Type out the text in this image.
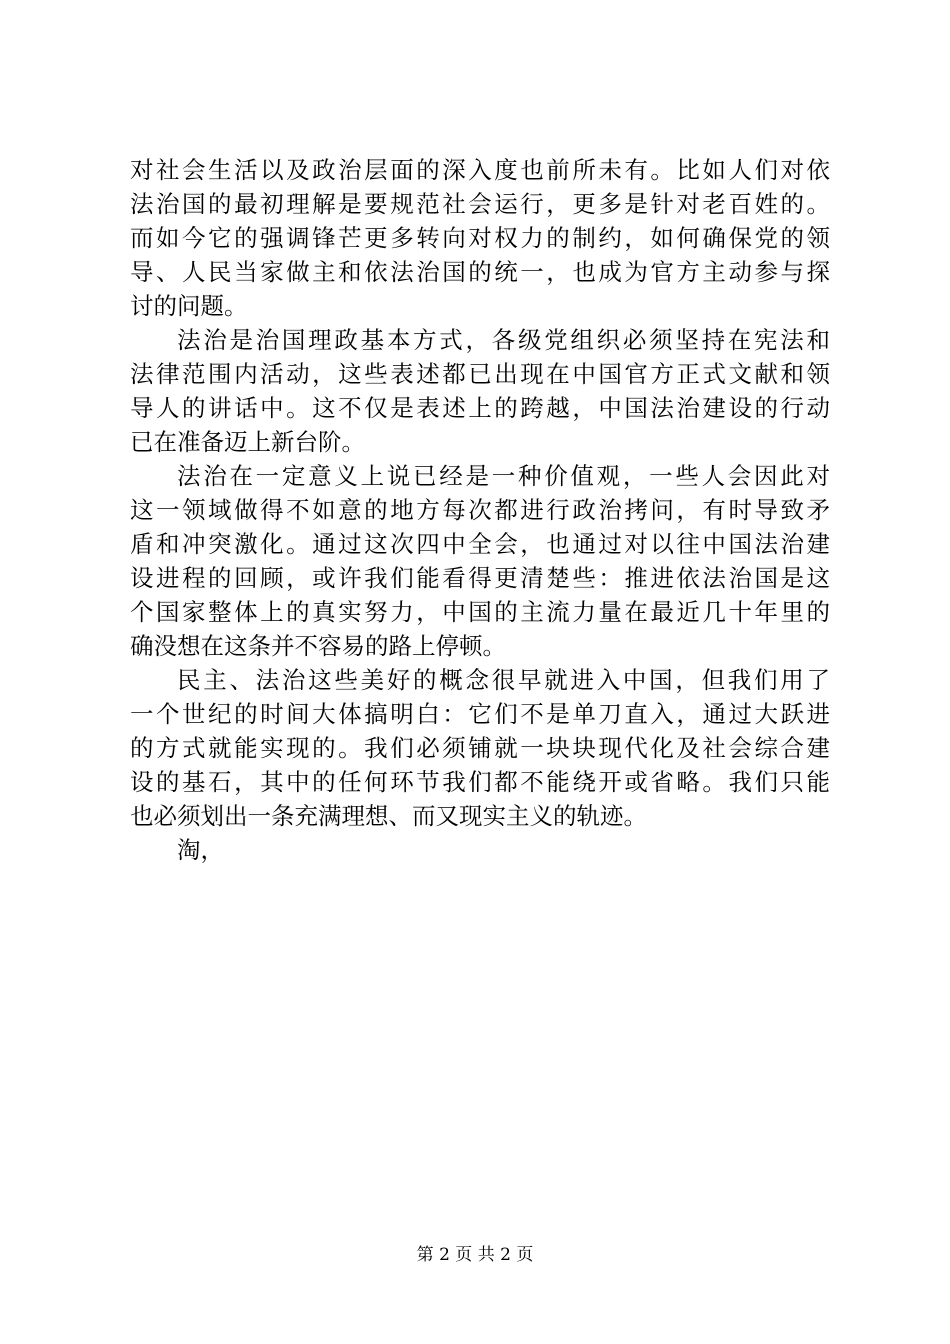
对社会生活以及政治层面的深入度也前所未有。比如人们对依
法治国的最初理解是要规范社会运行，更多是针对老百姓的。
而如今它的强调锋芒更多转向对权力的制约，如何确保党的领
导、人民当家做主和依法治国的统一，也成为官方主动参与探
讨的问题。
法治是治国理政基本方式，各级党组织必须坚持在宪法和
法律范围内活动，这些表述都已出现在中国官方正式文献和领
导人的讲话中。这不仅是表述上的跨越，中国法治建设的行动
已在准备迈上新台阶。
法治在一定意义上说已经是一种价值观，一些人会因此对
这一领域做得不如意的地方每次都进行政治拷问，有时导致矛
盾和冲突激化。通过这次四中全会，也通过对以往中国法治建
设进程的回顾，或许我们能看得更清楚些：推进依法治国是这
个国家整体上的真实努力，中国的主流力量在最近几十年里的
确没想在这条并不容易的路上停顿。
民主、法治这些美好的概念很早就进入中国，但我们用了
一个世纪的时间大体搞明白：它们不是单刀直入，通过大跃进
的方式就能实现的。我们必须铺就一块块现代化及社会综合建
设的基石，其中的任何环节我们都不能绕开或省略。我们只能
也必须划出一条充满理想、而又现实主义的轨迹。
淘，
第 2 页 共 2 页
